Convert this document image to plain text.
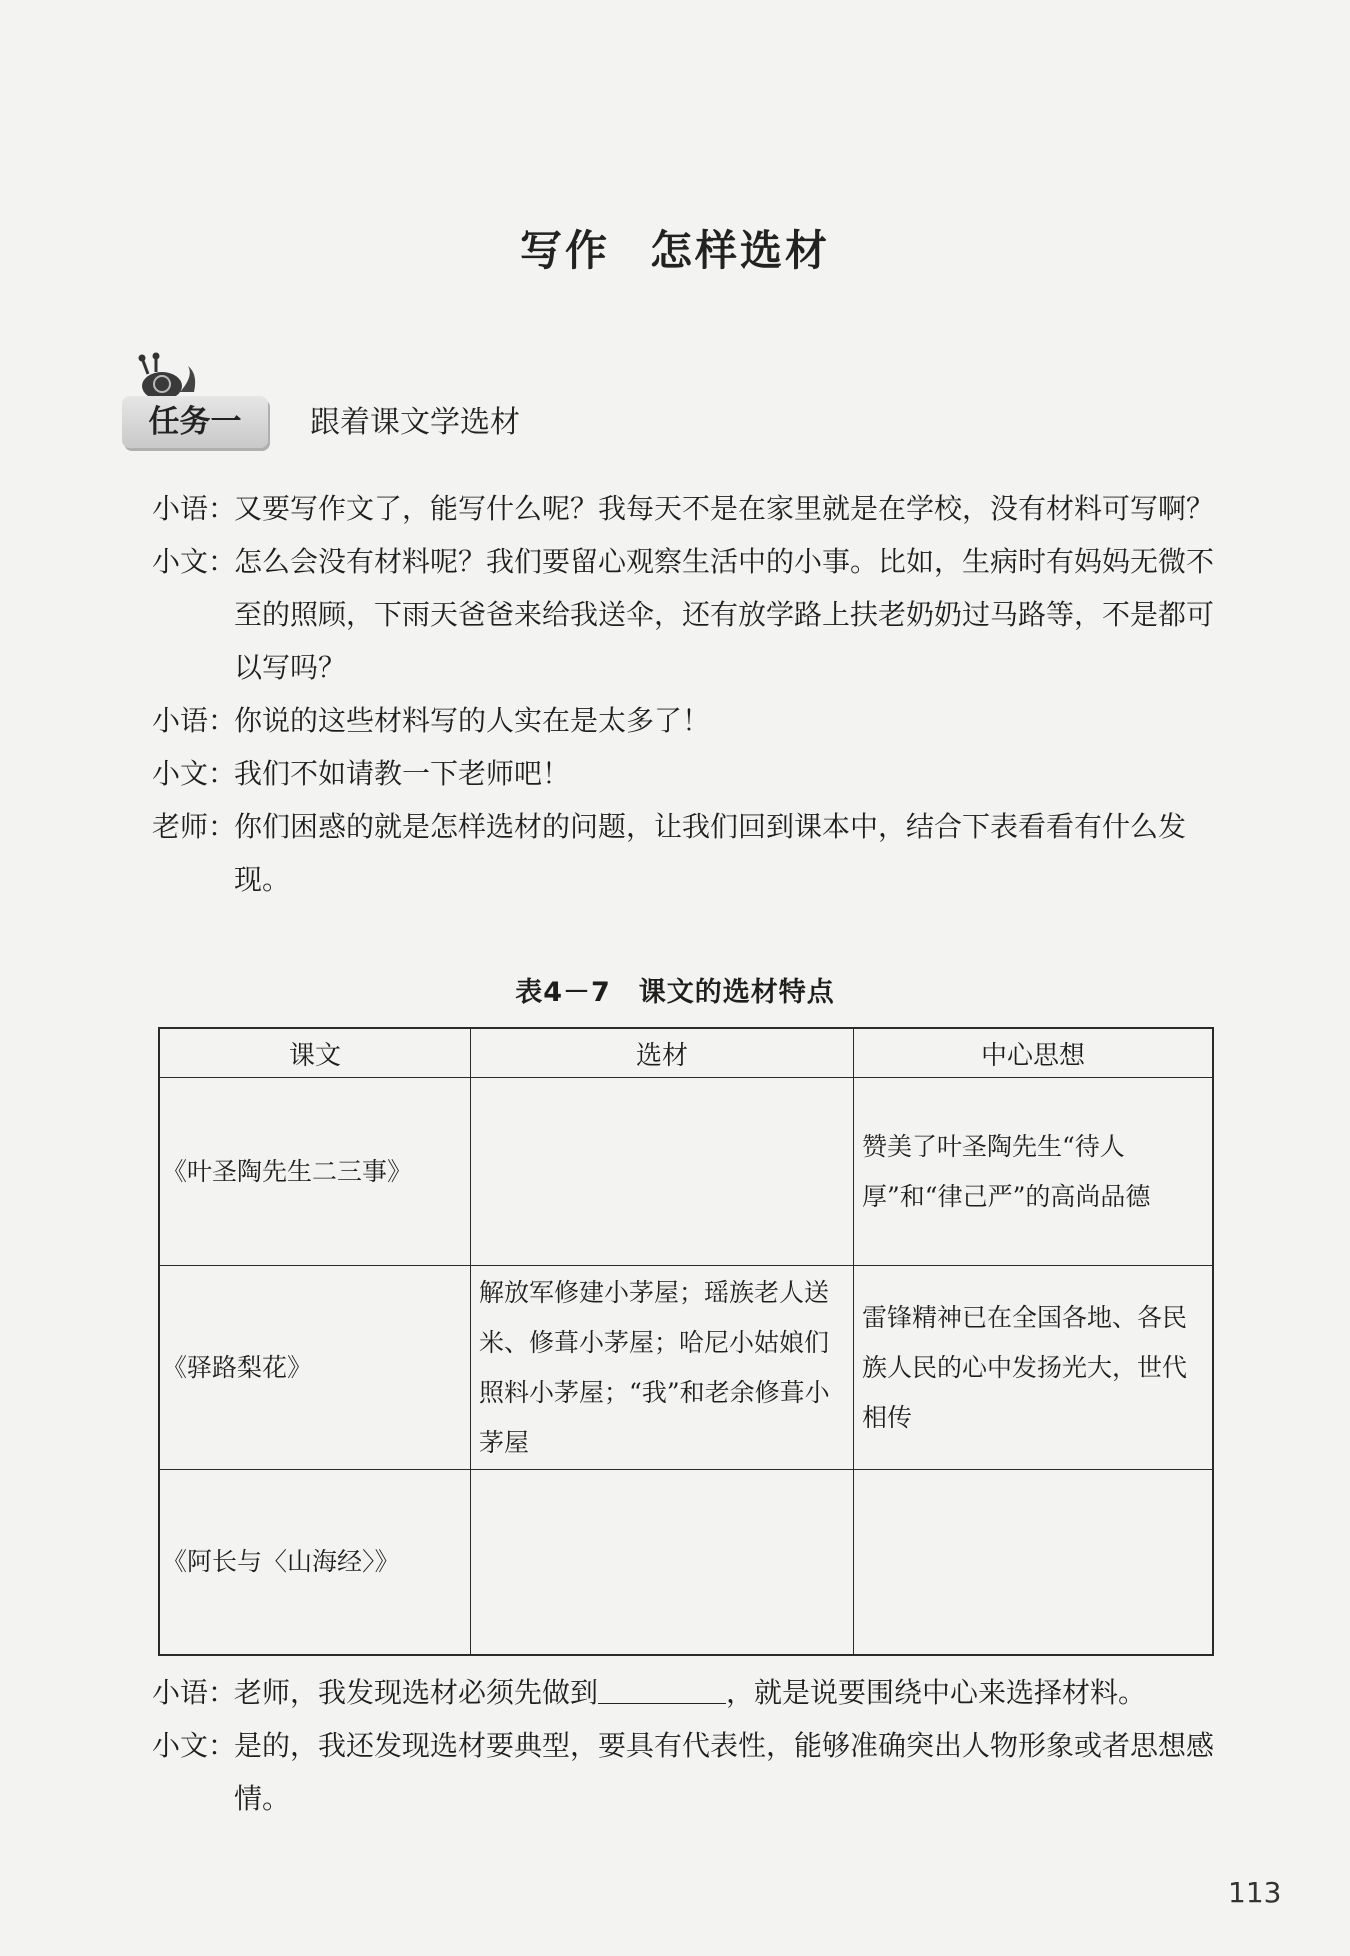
写作 怎样选材
任务一	跟着课文学选材

小语：
又要写作文了，能写什么呢？我每天不是在家里就是在学校，没有材料可写啊？

小文：
怎么会没有材料呢？我们要留心观察生活中的小事。比如，生病时有妈妈无微不至的照顾，下雨天爸爸来给我送伞，还有放学路上扶老奶奶过马路等，不是都可以写吗？

小语：
你说的这些材料写的人实在是太多了！

小文：
我们不如请教一下老师吧！

老师：
你们困惑的就是怎样选材的问题，让我们回到课本中，结合下表看看有什么发现。

表4－7　课文的选材特点
课文	选材	中心思想
《叶圣陶先生二三事》		赞美了叶圣陶先生“待人厚”和“律己严”的高尚品德
《驿路梨花》	解放军修建小茅屋；瑶族老人送米、修葺小茅屋；哈尼小姑娘们照料小茅屋；“我”和老余修葺小茅屋	雷锋精神已在全国各地、各民族人民的心中发扬光大，世代相传
《阿长与〈山海经〉》		

小语：
老师，我发现选材必须先做到	，就是说要围绕中心来选择材料。

小文：
是的，我还发现选材要典型，要具有代表性，能够准确突出人物形象或者思想感情。

113
